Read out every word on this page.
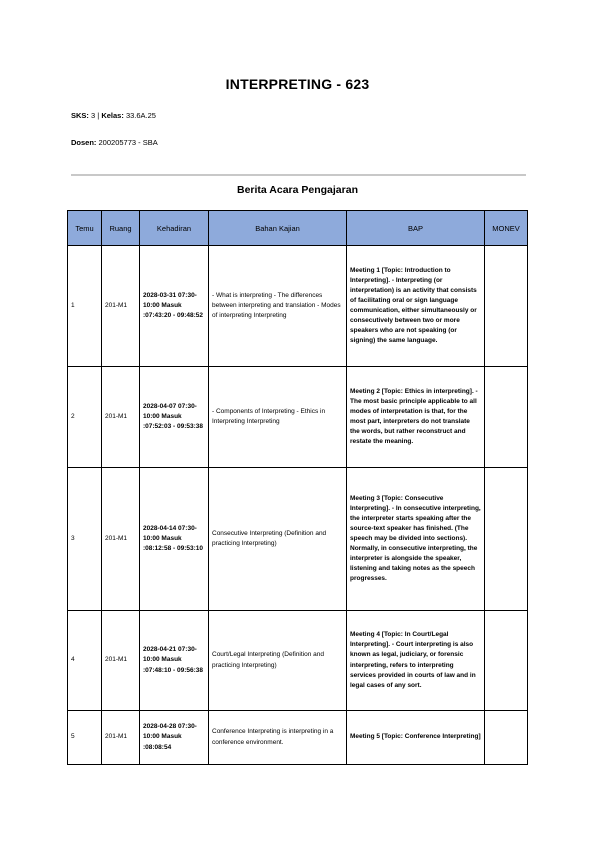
INTERPRETING - 623
SKS: 3 | Kelas: 33.6A.25
Dosen: 200205773 - SBA
Berita Acara Pengajaran
Temu	Ruang	Kehadiran	Bahan Kajian	BAP	MONEV
1	201-M1	2028-03-31 07:30-10:00 Masuk :07:43:20 - 09:48:52	- What is interpreting - The differences between interpreting and translation - Modes of interpreting Interpreting	Meeting 1 [Topic: Introduction to Interpreting]. - Interpreting (or interpretation) is an activity that consists of facilitating oral or sign language communication, either simultaneously or consecutively between two or more speakers who are not speaking (or signing) the same language.	
2	201-M1	2028-04-07 07:30-10:00 Masuk :07:52:03 - 09:53:38	- Components of Interpreting - Ethics in Interpreting Interpreting	Meeting 2 [Topic: Ethics in interpreting]. - The most basic principle applicable to all modes of interpretation is that, for the most part, interpreters do not translate the words, but rather reconstruct and restate the meaning.	
3	201-M1	2028-04-14 07:30-10:00 Masuk :08:12:58 - 09:53:10	Consecutive Interpreting (Definition and practicing Interpreting)	Meeting 3 [Topic: Consecutive Interpreting]. - In consecutive interpreting, the interpreter starts speaking after the source-text speaker has finished. (The speech may be divided into sections). Normally, in consecutive interpreting, the interpreter is alongside the speaker, listening and taking notes as the speech progresses.	
4	201-M1	2028-04-21 07:30-10:00 Masuk :07:48:10 - 09:56:38	Court/Legal Interpreting (Definition and practicing Interpreting)	Meeting 4 [Topic: In Court/Legal Interpreting]. - Court interpreting is also known as legal, judiciary, or forensic interpreting, refers to interpreting services provided in courts of law and in legal cases of any sort.	
5	201-M1	2028-04-28 07:30-10:00 Masuk :08:08:54	Conference Interpreting is interpreting in a conference environment.	Meeting 5 [Topic: Conference Interpreting]	
